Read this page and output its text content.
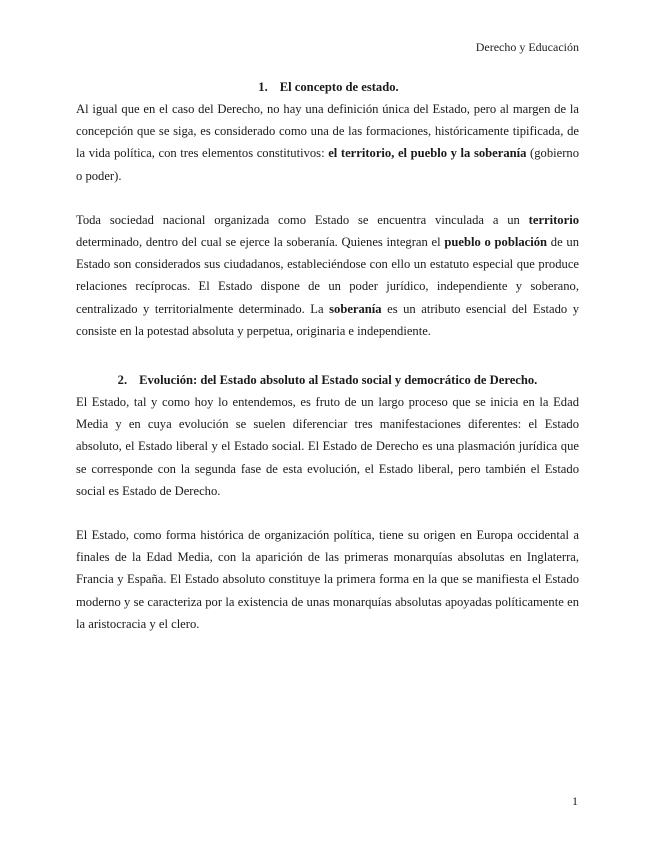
Derecho y Educación
1. El concepto de estado.

Al igual que en el caso del Derecho, no hay una definición única del Estado, pero al margen de la concepción que se siga, es considerado como una de las formaciones, históricamente tipificada, de la vida política, con tres elementos constitutivos: el territorio, el pueblo y la soberanía (gobierno o poder).

Toda sociedad nacional organizada como Estado se encuentra vinculada a un territorio determinado, dentro del cual se ejerce la soberanía. Quienes integran el pueblo o población de un Estado son considerados sus ciudadanos, estableciéndose con ello un estatuto especial que produce relaciones recíprocas. El Estado dispone de un poder jurídico, independiente y soberano, centralizado y territorialmente determinado. La soberanía es un atributo esencial del Estado y consiste en la potestad absoluta y perpetua, originaria e independiente.

2. Evolución: del Estado absoluto al Estado social y democrático de Derecho.

El Estado, tal y como hoy lo entendemos, es fruto de un largo proceso que se inicia en la Edad Media y en cuya evolución se suelen diferenciar tres manifestaciones diferentes: el Estado absoluto, el Estado liberal y el Estado social. El Estado de Derecho es una plasmación jurídica que se corresponde con la segunda fase de esta evolución, el Estado liberal, pero también el Estado social es Estado de Derecho.

El Estado, como forma histórica de organización política, tiene su origen en Europa occidental a finales de la Edad Media, con la aparición de las primeras monarquías absolutas en Inglaterra, Francia y España. El Estado absoluto constituye la primera forma en la que se manifiesta el Estado moderno y se caracteriza por la existencia de unas monarquías absolutas apoyadas políticamente en la aristocracia y el clero.

1
